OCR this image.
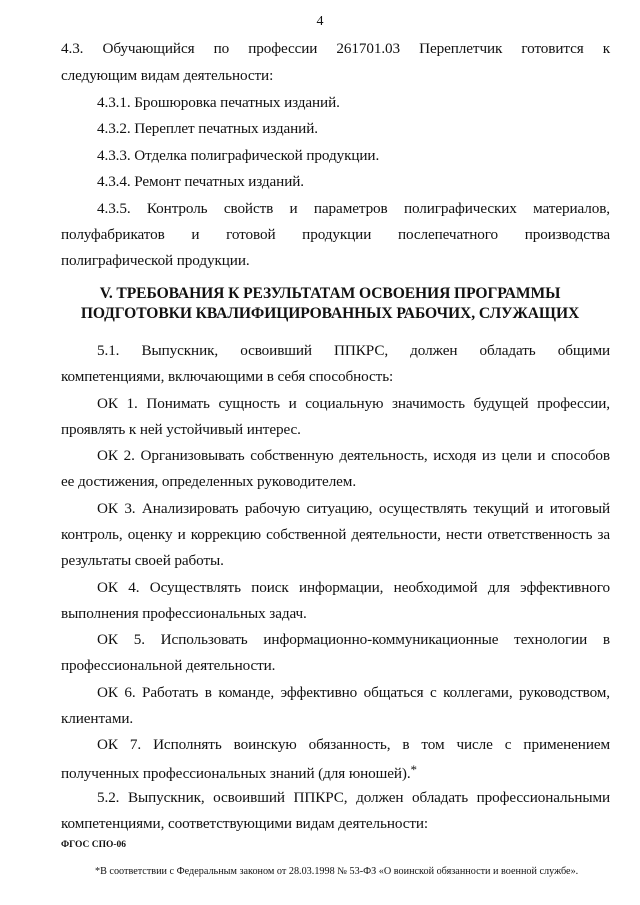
4
4.3. Обучающийся по профессии 261701.03 Переплетчик готовится к
следующим видам деятельности:
4.3.1. Брошюровка печатных изданий.
4.3.2. Переплет печатных изданий.
4.3.3. Отделка полиграфической продукции.
4.3.4. Ремонт печатных изданий.
4.3.5. Контроль свойств и параметров полиграфических материалов,
полуфабрикатов и готовой продукции послепечатного производства
полиграфической продукции.
V. ТРЕБОВАНИЯ К РЕЗУЛЬТАТАМ ОСВОЕНИЯ ПРОГРАММЫ
ПОДГОТОВКИ КВАЛИФИЦИРОВАННЫХ РАБОЧИХ, СЛУЖАЩИХ
5.1. Выпускник, освоивший ППКРС, должен обладать общими
компетенциями, включающими в себя способность:
ОК 1. Понимать сущность и социальную значимость будущей профессии,
проявлять к ней устойчивый интерес.
ОК 2. Организовывать собственную деятельность, исходя из цели и способов
ее достижения, определенных руководителем.
ОК 3. Анализировать рабочую ситуацию, осуществлять текущий и итоговый
контроль, оценку и коррекцию собственной деятельности, нести ответственность за
результаты своей работы.
ОК 4. Осуществлять поиск информации, необходимой для эффективного
выполнения профессиональных задач.
ОК 5. Использовать информационно-коммуникационные технологии в
профессиональной деятельности.
ОК 6. Работать в команде, эффективно общаться с коллегами, руководством,
клиентами.
ОК 7. Исполнять воинскую обязанность, в том числе с применением
полученных профессиональных знаний (для юношей).*
5.2. Выпускник, освоивший ППКРС, должен обладать профессиональными
компетенциями, соответствующими видам деятельности:
ФГОС СПО-06
*В соответствии с Федеральным законом от 28.03.1998 № 53-ФЗ «О воинской обязанности и военной службе».
